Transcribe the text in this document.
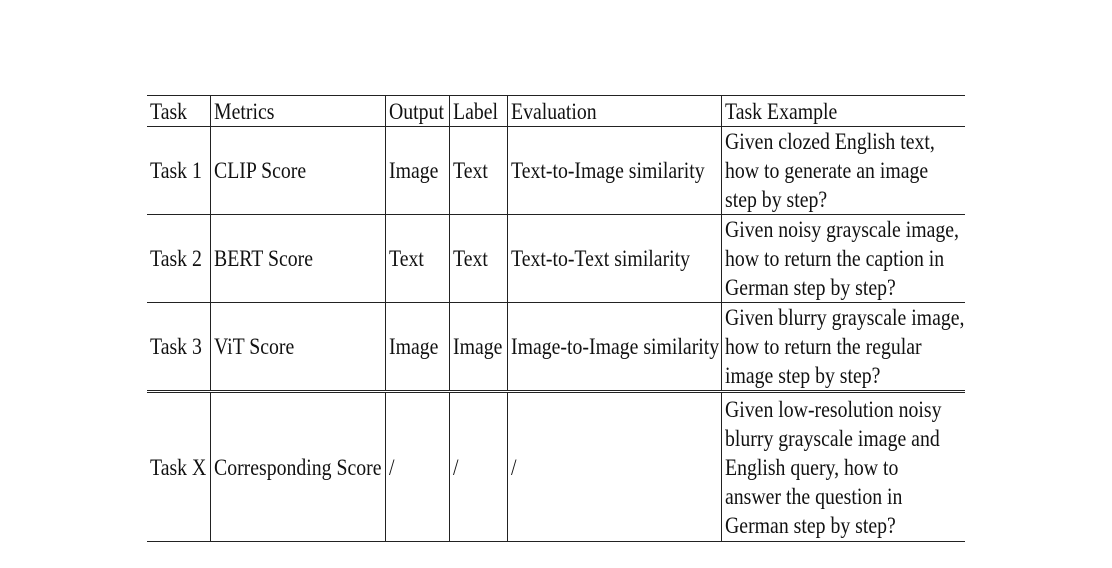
Task	Metrics	Output	Label	Evaluation	Task Example
Task 1	CLIP Score	Image	Text	Text-to-Image similarity	Given clozed English text,
how to generate an image
step by step?

Task 2	BERT Score	Text	Text	Text-to-Text similarity	Given noisy grayscale image,
how to return the caption in
German step by step?

Task 3	ViT Score	Image	Image	Image-to-Image similarity	Given blurry grayscale image,
how to return the regular
image step by step?

Task X	Corresponding Score	/	/	/	Given low-resolution noisy
blurry grayscale image and
English query, how to
answer the question in
German step by step?
